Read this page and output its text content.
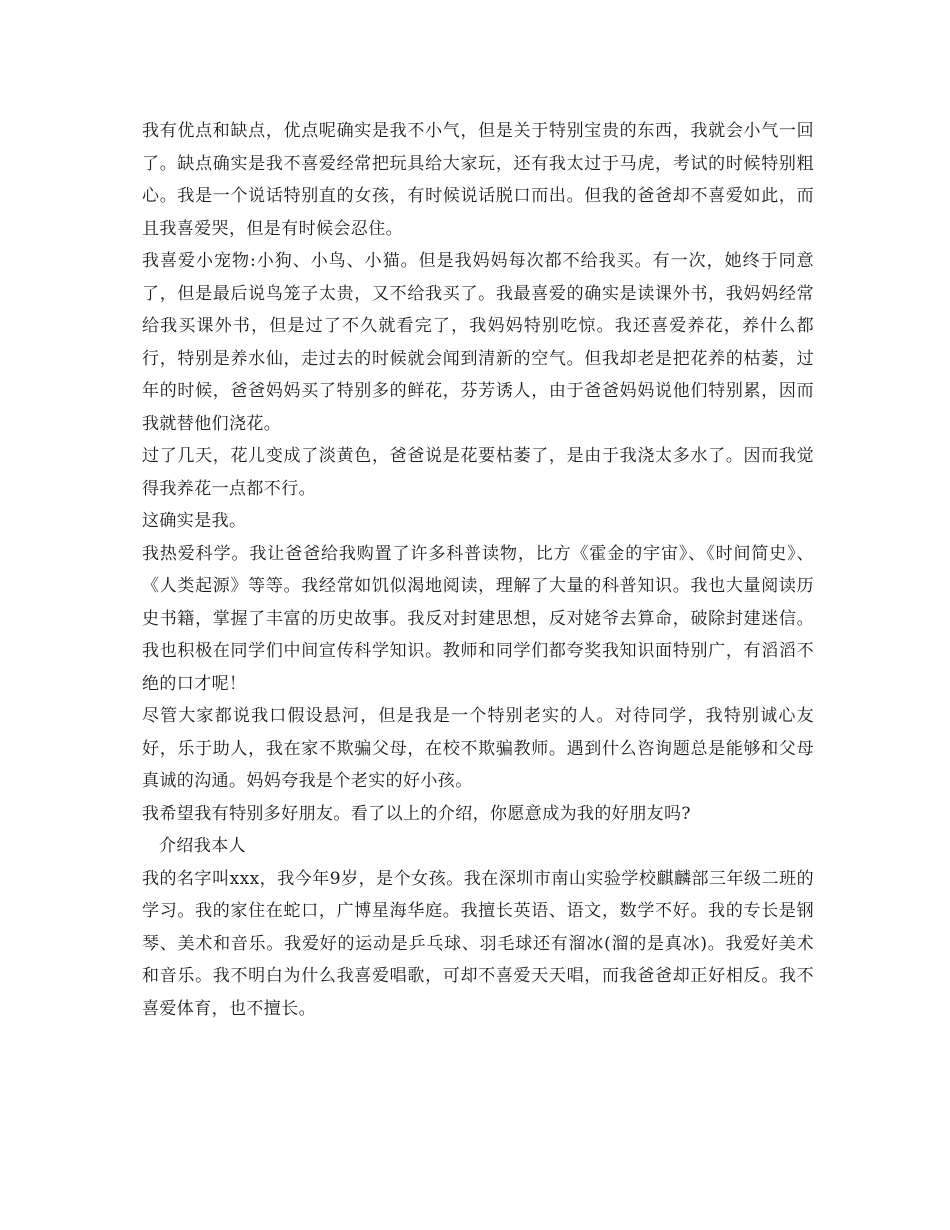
我有优点和缺点，优点呢确实是我不小气，但是关于特别宝贵的东西，我就会小气一回了。缺点确实是我不喜爱经常把玩具给大家玩，还有我太过于马虎，考试的时候特别粗心。我是一个说话特别直的女孩，有时候说话脱口而出。但我的爸爸却不喜爱如此，而且我喜爱哭，但是有时候会忍住。

我喜爱小宠物:小狗、小鸟、小猫。但是我妈妈每次都不给我买。有一次，她终于同意了，但是最后说鸟笼子太贵，又不给我买了。我最喜爱的确实是读课外书，我妈妈经常给我买课外书，但是过了不久就看完了，我妈妈特别吃惊。我还喜爱养花，养什么都行，特别是养水仙，走过去的时候就会闻到清新的空气。但我却老是把花养的枯萎，过年的时候，爸爸妈妈买了特别多的鲜花，芬芳诱人，由于爸爸妈妈说他们特别累，因而我就替他们浇花。

过了几天，花儿变成了淡黄色，爸爸说是花要枯萎了，是由于我浇太多水了。因而我觉得我养花一点都不行。

这确实是我。

我热爱科学。我让爸爸给我购置了许多科普读物，比方《霍金的宇宙》、《时间简史》、《人类起源》等等。我经常如饥似渴地阅读，理解了大量的科普知识。我也大量阅读历史书籍，掌握了丰富的历史故事。我反对封建思想，反对姥爷去算命，破除封建迷信。我也积极在同学们中间宣传科学知识。教师和同学们都夸奖我知识面特别广，有滔滔不绝的口才呢！

尽管大家都说我口假设悬河，但是我是一个特别老实的人。对待同学，我特别诚心友好，乐于助人，我在家不欺骗父母，在校不欺骗教师。遇到什么咨询题总是能够和父母真诚的沟通。妈妈夸我是个老实的好小孩。

我希望我有特别多好朋友。看了以上的介绍，你愿意成为我的好朋友吗?

介绍我本人

我的名字叫xxx，我今年9岁，是个女孩。我在深圳市南山实验学校麒麟部三年级二班的学习。我的家住在蛇口，广博星海华庭。我擅长英语、语文，数学不好。我的专长是钢琴、美术和音乐。我爱好的运动是乒乓球、羽毛球还有溜冰(溜的是真冰)。我爱好美术和音乐。我不明白为什么我喜爱唱歌，可却不喜爱天天唱，而我爸爸却正好相反。我不喜爱体育，也不擅长。
